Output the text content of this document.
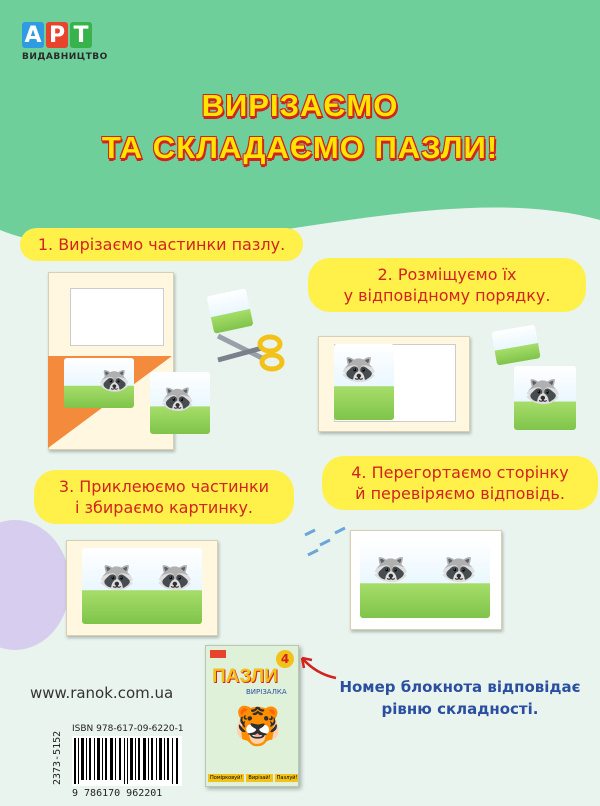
А Р Т
ВИДАВНИЦТВО
ВИРІЗАЄМО
ТА СКЛАДАЄМО ПАЗЛИ!
1. Вирізаємо частинки пазлу.
🦝
🦝
2. Розміщуємо їх
у відповідному порядку.
🦝
🦝
3. Приклеюємо частинки
і збираємо картинку.
🦝 🦝
4. Перегортаємо сторінку
й перевіряємо відповідь.
🦝 🦝
4
ПАЗЛИ
ВИРІЗАЛКА
🐯
Помірковуй!	Вирізай!	Пазлуй!
Номер блокнота відповідає
рівню складності.
www.ranok.com.ua
ISBN 978-617-09-6220-1
2373-5152
9 786170 962201
